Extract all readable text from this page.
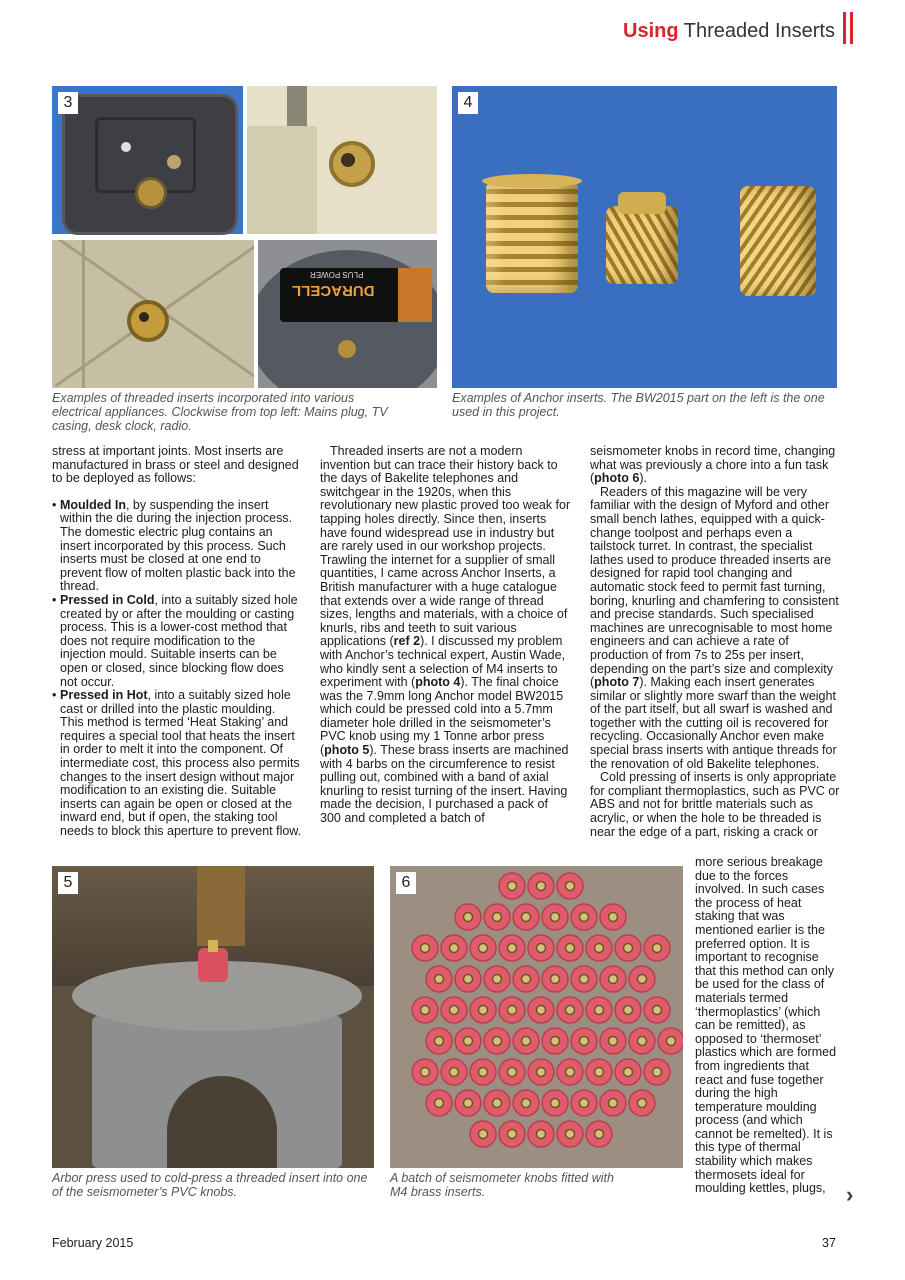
Using Threaded Inserts
DURACELL
PLUS POWER
3	4
Examples of threaded inserts incorporated into various electrical appliances. Clockwise from top left: Mains plug, TV casing, desk clock, radio.
Examples of Anchor inserts. The BW2015 part on the left is the one used in this project.

stress at important joints. Most inserts are manufactured in brass or steel and designed to be deployed as follows:

• Moulded In, by suspending the insert within the die during the injection process. The domestic electric plug contains an insert incorporated by this process. Such inserts must be closed at one end to prevent flow of molten plastic back into the thread.
• Pressed in Cold, into a suitably sized hole created by or after the moulding or casting process. This is a lower-cost method that does not require modification to the injection mould. Suitable inserts can be open or closed, since blocking flow does not occur.
• Pressed in Hot, into a suitably sized hole cast or drilled into the plastic moulding. This method is termed ‘Heat Staking’ and requires a special tool that heats the insert in order to melt it into the component. Of intermediate cost, this process also permits changes to the insert design without major modification to an existing die. Suitable inserts can again be open or closed at the inward end, but if open, the staking tool needs to block this aperture to prevent flow.

Threaded inserts are not a modern invention but can trace their history back to the days of Bakelite telephones and switchgear in the 1920s, when this revolutionary new plastic proved too weak for tapping holes directly. Since then, inserts have found widespread use in industry but are rarely used in our workshop projects. Trawling the internet for a supplier of small quantities, I came across Anchor Inserts, a British manufacturer with a huge catalogue that extends over a wide range of thread sizes, lengths and materials, with a choice of knurls, ribs and teeth to suit various applications (ref 2). I discussed my problem with Anchor’s technical expert, Austin Wade, who kindly sent a selection of M4 inserts to experiment with (photo 4). The final choice was the 7.9mm long Anchor model BW2015 which could be pressed cold into a 5.7mm diameter hole drilled in the seismometer’s PVC knob using my 1 Tonne arbor press (photo 5). These brass inserts are machined with 4 barbs on the circumference to resist pulling out, combined with a band of axial knurling to resist turning of the insert. Having made the decision, I purchased a pack of 300 and completed a batch of

seismometer knobs in record time, changing what was previously a chore into a fun task (photo 6).

Readers of this magazine will be very familiar with the design of Myford and other small bench lathes, equipped with a quick-change toolpost and perhaps even a tailstock turret. In contrast, the specialist lathes used to produce threaded inserts are designed for rapid tool changing and automatic stock feed to permit fast turning, boring, knurling and chamfering to consistent and precise standards. Such specialised machines are unrecognisable to most home engineers and can achieve a rate of production of from 7s to 25s per insert, depending on the part’s size and complexity (photo 7). Making each insert generates similar or slightly more swarf than the weight of the part itself, but all swarf is washed and together with the cutting oil is recovered for recycling. Occasionally Anchor even make special brass inserts with antique threads for the renovation of old Bakelite telephones.

Cold pressing of inserts is only appropriate for compliant thermoplastics, such as PVC or ABS and not for brittle materials such as acrylic, or when the hole to be threaded is near the edge of a part, risking a crack or

more serious breakage due to the forces involved. In such cases the process of heat staking that was mentioned earlier is the preferred option. It is important to recognise that this method can only be used for the class of materials termed ‘thermoplastics’ (which can be remitted), as opposed to ‘thermoset’ plastics which are formed from ingredients that react and fuse together during the high temperature moulding process (and which cannot be remelted). It is this type of thermal stability which makes thermosets ideal for moulding kettles, plugs,
5	6
Arbor press used to cold-press a threaded insert into one of the seismometer’s PVC knobs.
A batch of seismometer knobs fitted with M4 brass inserts.	›
February 2015	37
